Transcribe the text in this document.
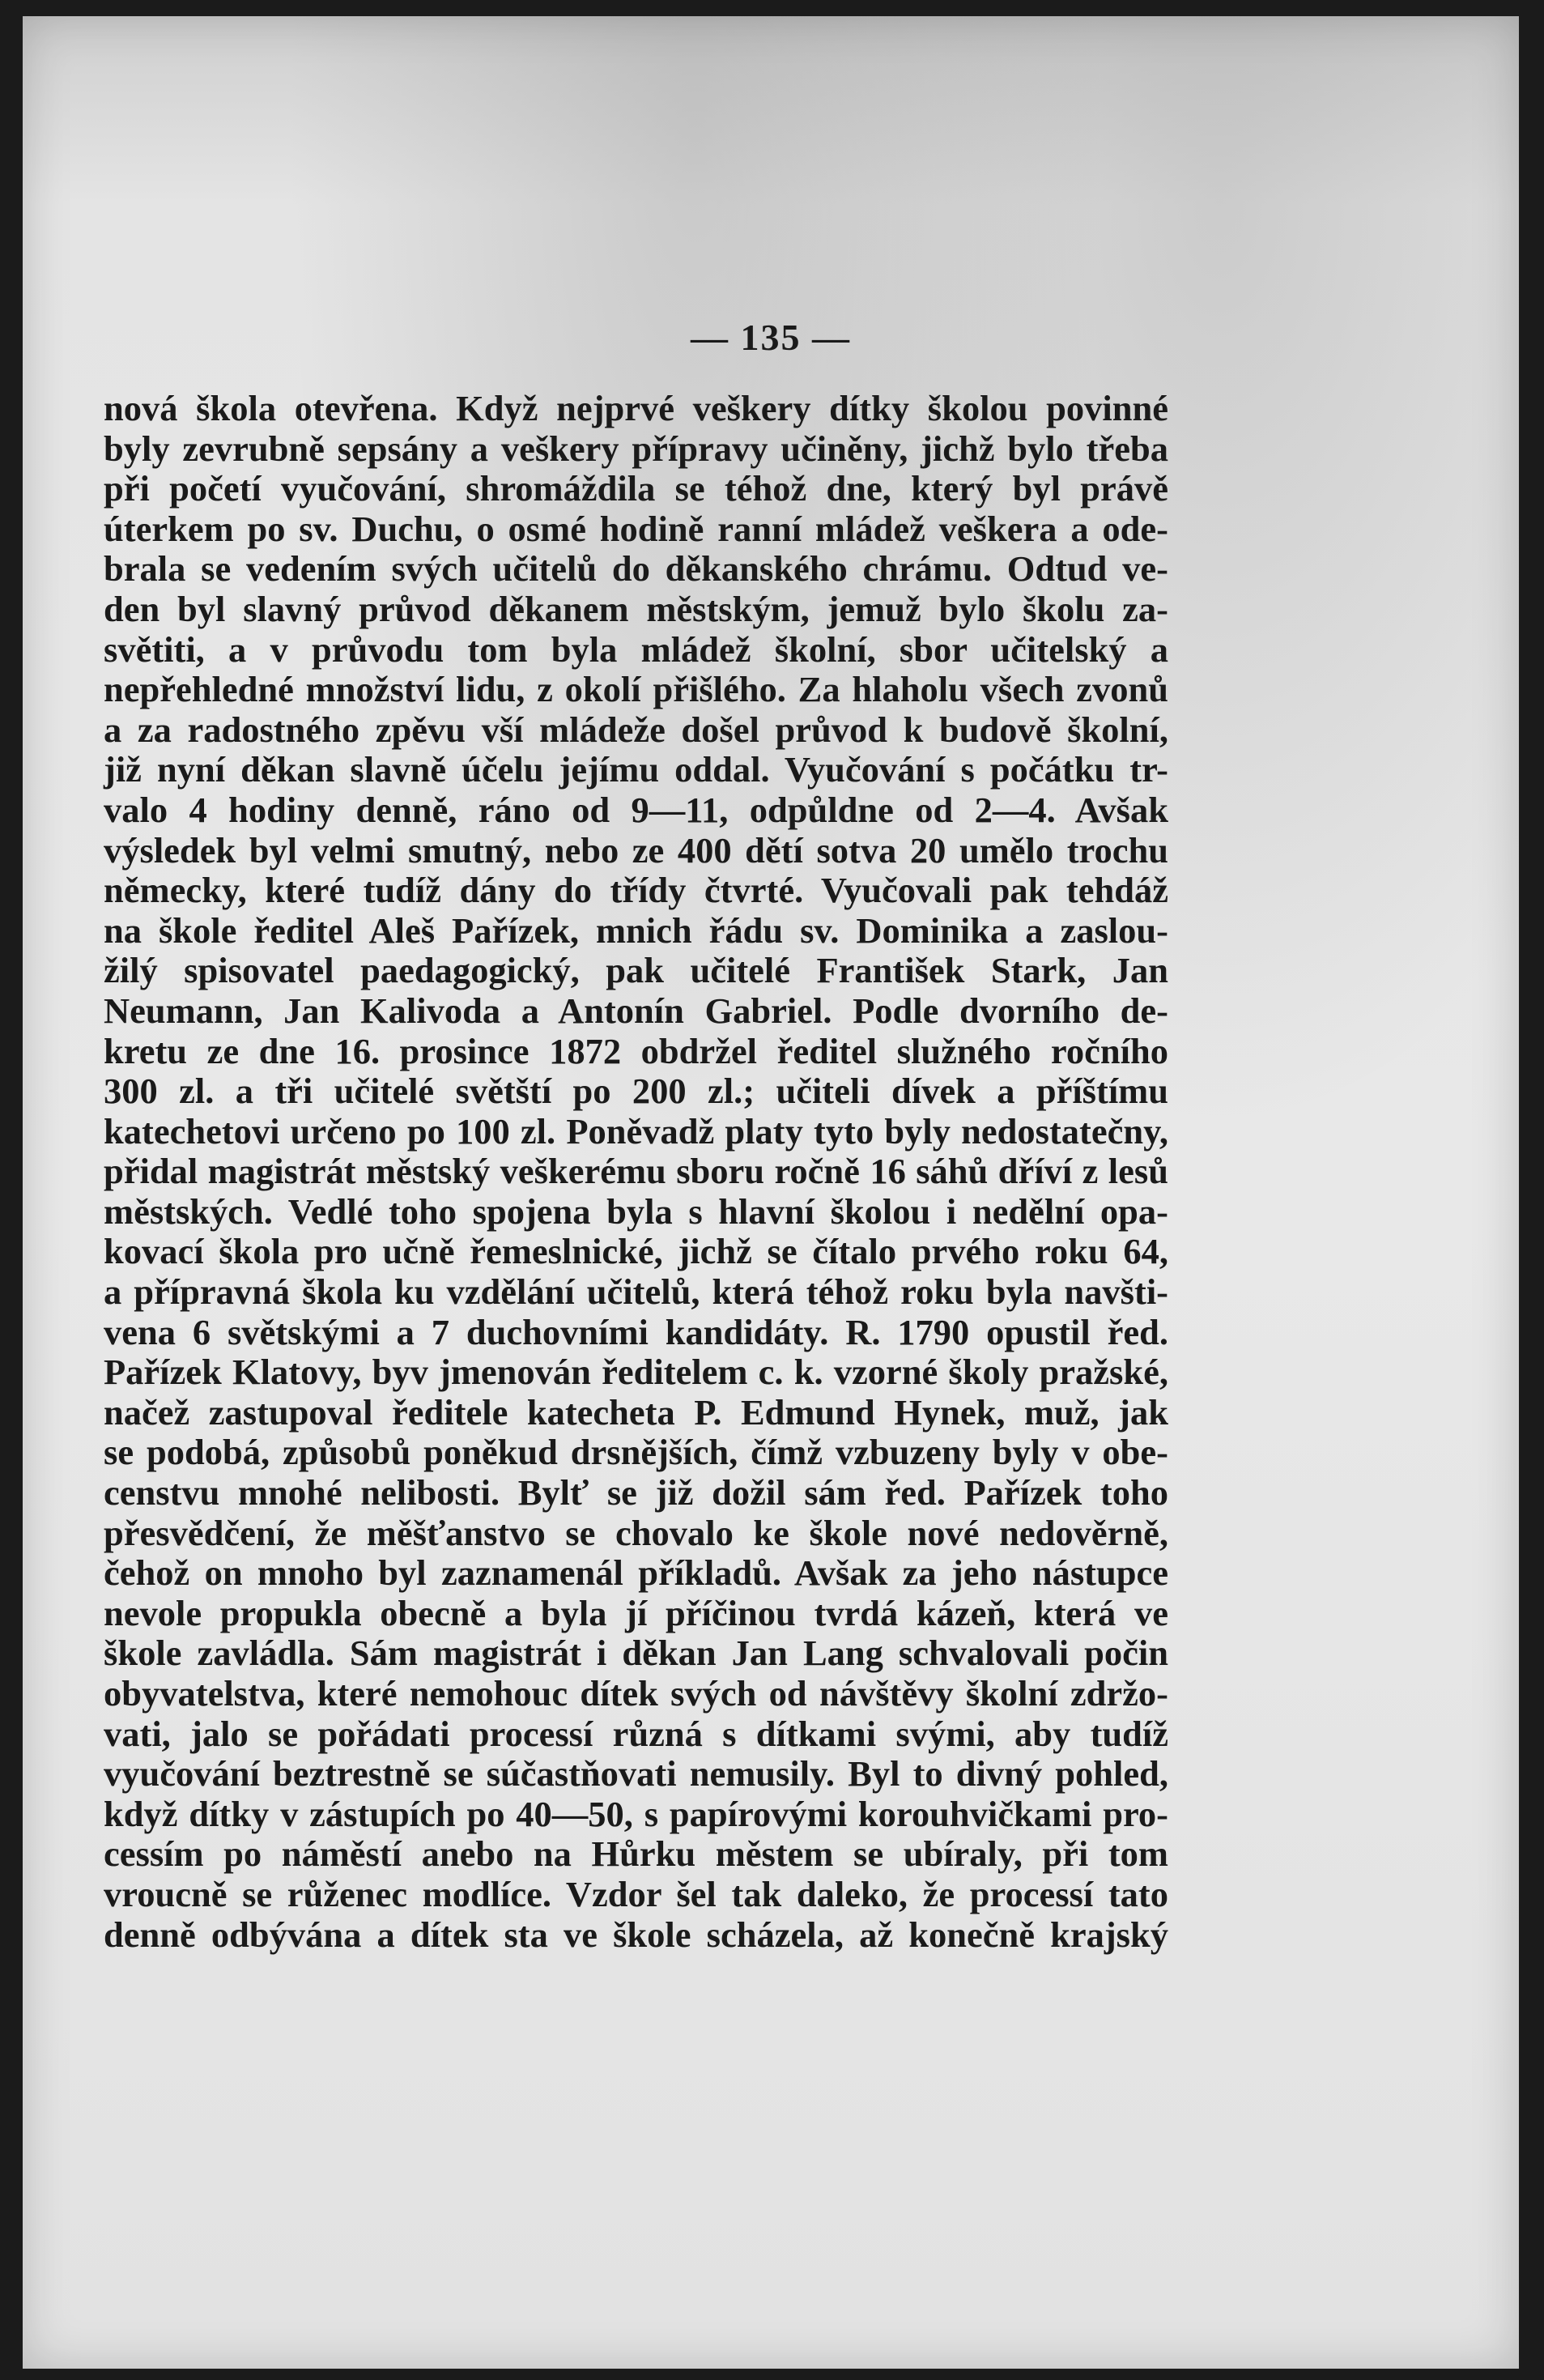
— 135 —
nová škola otevřena. Když nejprvé veškery dítky školou povinné
byly zevrubně sepsány a veškery přípravy učiněny, jichž bylo třeba
při početí vyučování, shromáždila se téhož dne, který byl právě
úterkem po sv. Duchu, o osmé hodině ranní mládež veškera a ode-
brala se vedením svých učitelů do děkanského chrámu. Odtud ve-
den byl slavný průvod děkanem městským, jemuž bylo školu za-
světiti, a v průvodu tom byla mládež školní, sbor učitelský a
nepřehledné množství lidu, z okolí přišlého. Za hlaholu všech zvonů
a za radostného zpěvu vší mládeže došel průvod k budově školní,
již nyní děkan slavně účelu jejímu oddal. Vyučování s počátku tr-
valo 4 hodiny denně, ráno od 9—11, odpůldne od 2—4. Avšak
výsledek byl velmi smutný, nebo ze 400 dětí sotva 20 umělo trochu
německy, které tudíž dány do třídy čtvrté. Vyučovali pak tehdáž
na škole ředitel Aleš Pařízek, mnich řádu sv. Dominika a zaslou-
žilý spisovatel paedagogický, pak učitelé František Stark, Jan
Neumann, Jan Kalivoda a Antonín Gabriel. Podle dvorního de-
kretu ze dne 16. prosince 1872 obdržel ředitel služného ročního
300 zl. a tři učitelé světští po 200 zl.; učiteli dívek a příštímu
katechetovi určeno po 100 zl. Poněvadž platy tyto byly nedostatečny,
přidal magistrát městský veškerému sboru ročně 16 sáhů dříví z lesů
městských. Vedlé toho spojena byla s hlavní školou i nedělní opa-
kovací škola pro učně řemeslnické, jichž se čítalo prvého roku 64,
a přípravná škola ku vzdělání učitelů, která téhož roku byla navšti-
vena 6 světskými a 7 duchovními kandidáty. R. 1790 opustil řed.
Pařízek Klatovy, byv jmenován ředitelem c. k. vzorné školy pražské,
načež zastupoval ředitele katecheta P. Edmund Hynek, muž, jak
se podobá, způsobů poněkud drsnějších, čímž vzbuzeny byly v obe-
censtvu mnohé nelibosti. Bylť se již dožil sám řed. Pařízek toho
přesvědčení, že měšťanstvo se chovalo ke škole nové nedověrně,
čehož on mnoho byl zaznamenál příkladů. Avšak za jeho nástupce
nevole propukla obecně a byla jí příčinou tvrdá kázeň, která ve
škole zavládla. Sám magistrát i děkan Jan Lang schvalovali počin
obyvatelstva, které nemohouc dítek svých od návštěvy školní zdržo-
vati, jalo se pořádati processí různá s dítkami svými, aby tudíž
vyučování beztrestně se súčastňovati nemusily. Byl to divný pohled,
když dítky v zástupích po 40—50, s papírovými korouhvičkami pro-
cessím po náměstí anebo na Hůrku městem se ubíraly, při tom
vroucně se růženec modlíce. Vzdor šel tak daleko, že processí tato
denně odbývána a dítek sta ve škole scházela, až konečně krajský
